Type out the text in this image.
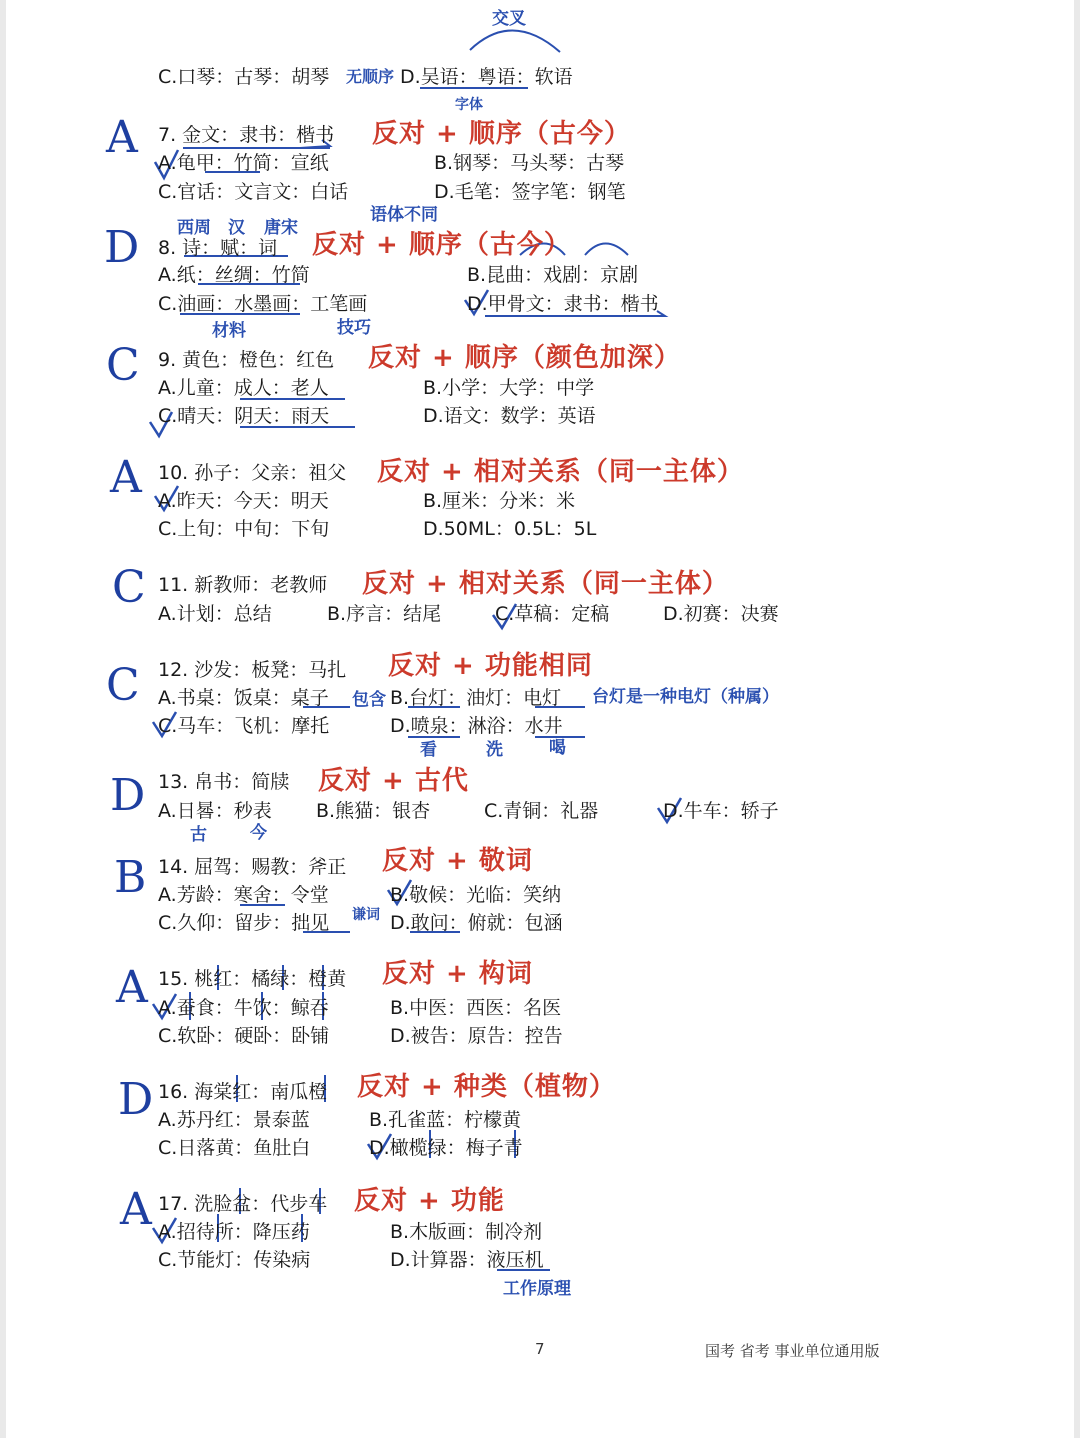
C.口琴：古琴：胡琴 无顺序 D.吴语：粤语：软语
交叉
A 7. 金文：隶书：楷书
字体
反对 + 顺序（古今）
A.龟甲：竹简：宣纸	B.钢琴：马头琴：古琴
C.官话：文言文：白话	D.毛笔：签字笔：钢笔
D 西周 汉 唐宋
语体不同
8. 诗：赋：词 反对 + 顺序（古今）
A.纸：丝绸：竹简	B.昆曲：戏剧：京剧
C.油画：水墨画：工笔画	D.甲骨文：隶书：楷书
材料	技巧
C 9. 黄色：橙色：红色 反对 + 顺序（颜色加深）
A.儿童：成人：老人	B.小学：大学：中学
C.晴天：阴天：雨天	D.语文：数学：英语
A 10. 孙子：父亲：祖父 反对 + 相对关系（同一主体）
A.昨天：今天：明天	B.厘米：分米：米
C.上旬：中旬：下旬	D.50ML：0.5L：5L
C 11. 新教师：老教师 反对 + 相对关系（同一主体）
A.计划：总结	B.序言：结尾	C.草稿：定稿	D.初赛：决赛
C 12. 沙发：板凳：马扎 反对 + 功能相同
A.书桌：饭桌：桌子 包含 B.台灯：油灯：电灯 台灯是一种电灯（种属）
C.马车：飞机：摩托	D.喷泉：淋浴：水井
看	洗	喝
D 13. 帛书：简牍 反对 + 古代
A.日晷：秒表 B.熊猫：银杏	C.青铜：礼器	D.牛车：轿子
古	今
B 14. 屈驾：赐教：斧正 反对 + 敬词
A.芳龄：寒舍：令堂	B.敬候：光临：笑纳
C.久仰：留步：拙见 谦词 D.敢问：俯就：包涵
A 15. 桃红：橘绿：橙黄 反对 + 构词
A.蚕食：牛饮：鲸吞	B.中医：西医：名医
C.软卧：硬卧：卧铺	D.被告：原告：控告
D 16. 海棠红：南瓜橙 反对 + 种类（植物）
A.苏丹红：景泰蓝	B.孔雀蓝：柠檬黄
C.日落黄：鱼肚白	D.橄榄绿：梅子青
A 17. 洗脸盆：代步车 反对 + 功能
A.招待所：降压药	B.木版画：制冷剂
C.节能灯：传染病	D.计算器：液压机
工作原理
7	国考 省考 事业单位通用版
